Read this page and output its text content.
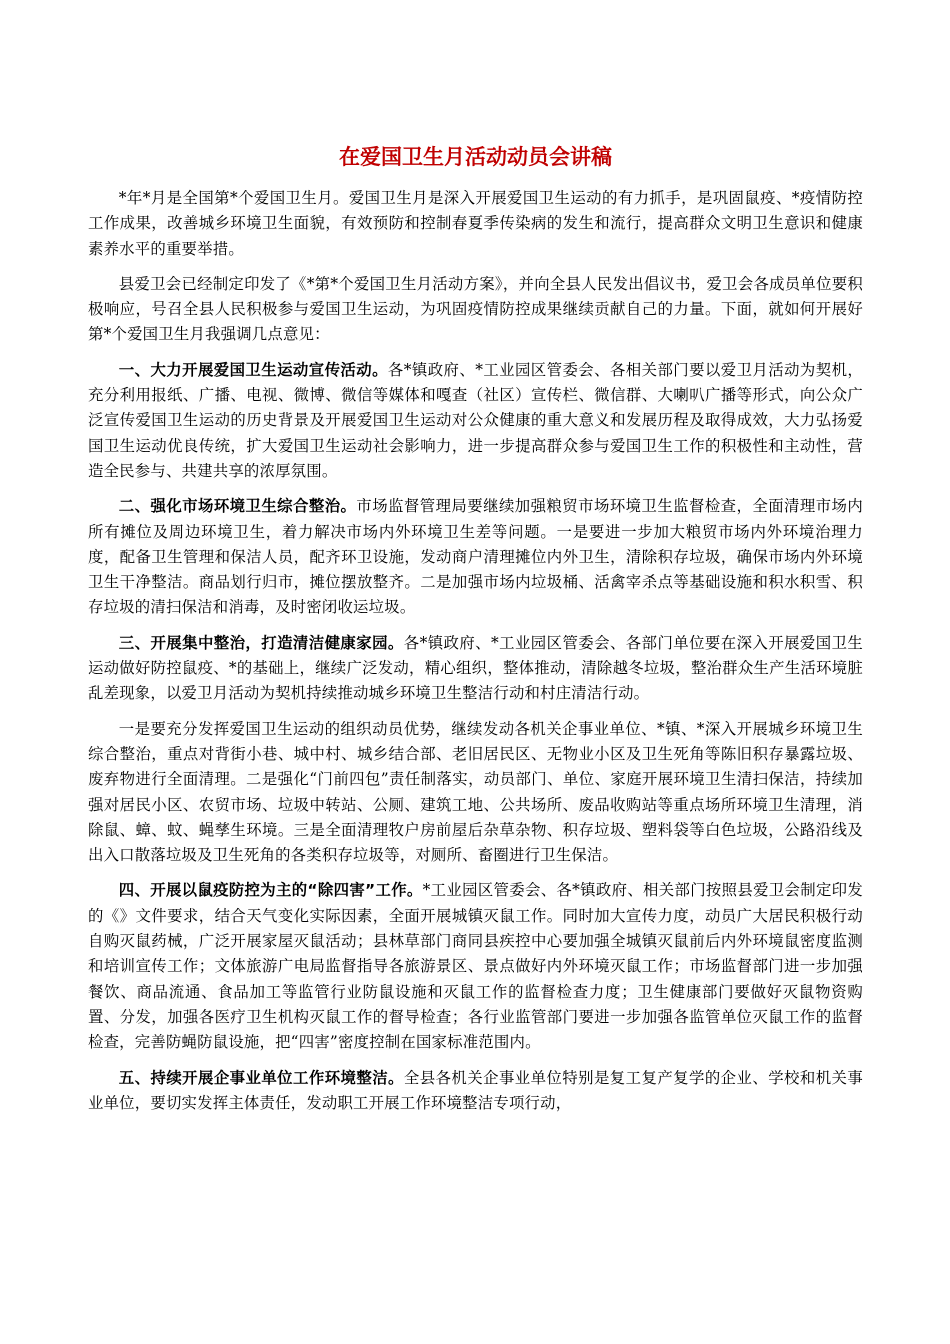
在爱国卫生月活动动员会讲稿

*年*月是全国第*个爱国卫生月。爱国卫生月是深入开展爱国卫生运动的有力抓手，是巩固鼠疫、*疫情防控工作成果，改善城乡环境卫生面貌，有效预防和控制春夏季传染病的发生和流行，提高群众文明卫生意识和健康素养水平的重要举措。

县爱卫会已经制定印发了《*第*个爱国卫生月活动方案》，并向全县人民发出倡议书，爱卫会各成员单位要积极响应，号召全县人民积极参与爱国卫生运动，为巩固疫情防控成果继续贡献自己的力量。下面，就如何开展好第*个爱国卫生月我强调几点意见：

一、大力开展爱国卫生运动宣传活动。各*镇政府、*工业园区管委会、各相关部门要以爱卫月活动为契机，充分利用报纸、广播、电视、微博、微信等媒体和嘎查（社区）宣传栏、微信群、大喇叭广播等形式，向公众广泛宣传爱国卫生运动的历史背景及开展爱国卫生运动对公众健康的重大意义和发展历程及取得成效，大力弘扬爱国卫生运动优良传统，扩大爱国卫生运动社会影响力，进一步提高群众参与爱国卫生工作的积极性和主动性，营造全民参与、共建共享的浓厚氛围。

二、强化市场环境卫生综合整治。市场监督管理局要继续加强粮贸市场环境卫生监督检查，全面清理市场内所有摊位及周边环境卫生，着力解决市场内外环境卫生差等问题。一是要进一步加大粮贸市场内外环境治理力度，配备卫生管理和保洁人员，配齐环卫设施，发动商户清理摊位内外卫生，清除积存垃圾，确保市场内外环境卫生干净整洁。商品划行归市，摊位摆放整齐。二是加强市场内垃圾桶、活禽宰杀点等基础设施和积水积雪、积存垃圾的清扫保洁和消毒，及时密闭收运垃圾。

三、开展集中整治，打造清洁健康家园。各*镇政府、*工业园区管委会、各部门单位要在深入开展爱国卫生运动做好防控鼠疫、*的基础上，继续广泛发动，精心组织，整体推动，清除越冬垃圾，整治群众生产生活环境脏乱差现象，以爱卫月活动为契机持续推动城乡环境卫生整洁行动和村庄清洁行动。

一是要充分发挥爱国卫生运动的组织动员优势，继续发动各机关企事业单位、*镇、*深入开展城乡环境卫生综合整治，重点对背街小巷、城中村、城乡结合部、老旧居民区、无物业小区及卫生死角等陈旧积存暴露垃圾、废弃物进行全面清理。二是强化“门前四包”责任制落实，动员部门、单位、家庭开展环境卫生清扫保洁，持续加强对居民小区、农贸市场、垃圾中转站、公厕、建筑工地、公共场所、废品收购站等重点场所环境卫生清理，消除鼠、蟑、蚊、蝇孳生环境。三是全面清理牧户房前屋后杂草杂物、积存垃圾、塑料袋等白色垃圾，公路沿线及出入口散落垃圾及卫生死角的各类积存垃圾等，对厕所、畜圈进行卫生保洁。

四、开展以鼠疫防控为主的“除四害”工作。*工业园区管委会、各*镇政府、相关部门按照县爱卫会制定印发的《》文件要求，结合天气变化实际因素，全面开展城镇灭鼠工作。同时加大宣传力度，动员广大居民积极行动自购灭鼠药械，广泛开展家屋灭鼠活动；县林草部门商同县疾控中心要加强全城镇灭鼠前后内外环境鼠密度监测和培训宣传工作；文体旅游广电局监督指导各旅游景区、景点做好内外环境灭鼠工作；市场监督部门进一步加强餐饮、商品流通、食品加工等监管行业防鼠设施和灭鼠工作的监督检查力度；卫生健康部门要做好灭鼠物资购置、分发，加强各医疗卫生机构灭鼠工作的督导检查；各行业监管部门要进一步加强各监管单位灭鼠工作的监督检查，完善防蝇防鼠设施，把“四害”密度控制在国家标准范围内。

五、持续开展企事业单位工作环境整洁。全县各机关企事业单位特别是复工复产复学的企业、学校和机关事业单位，要切实发挥主体责任，发动职工开展工作环境整洁专项行动，
